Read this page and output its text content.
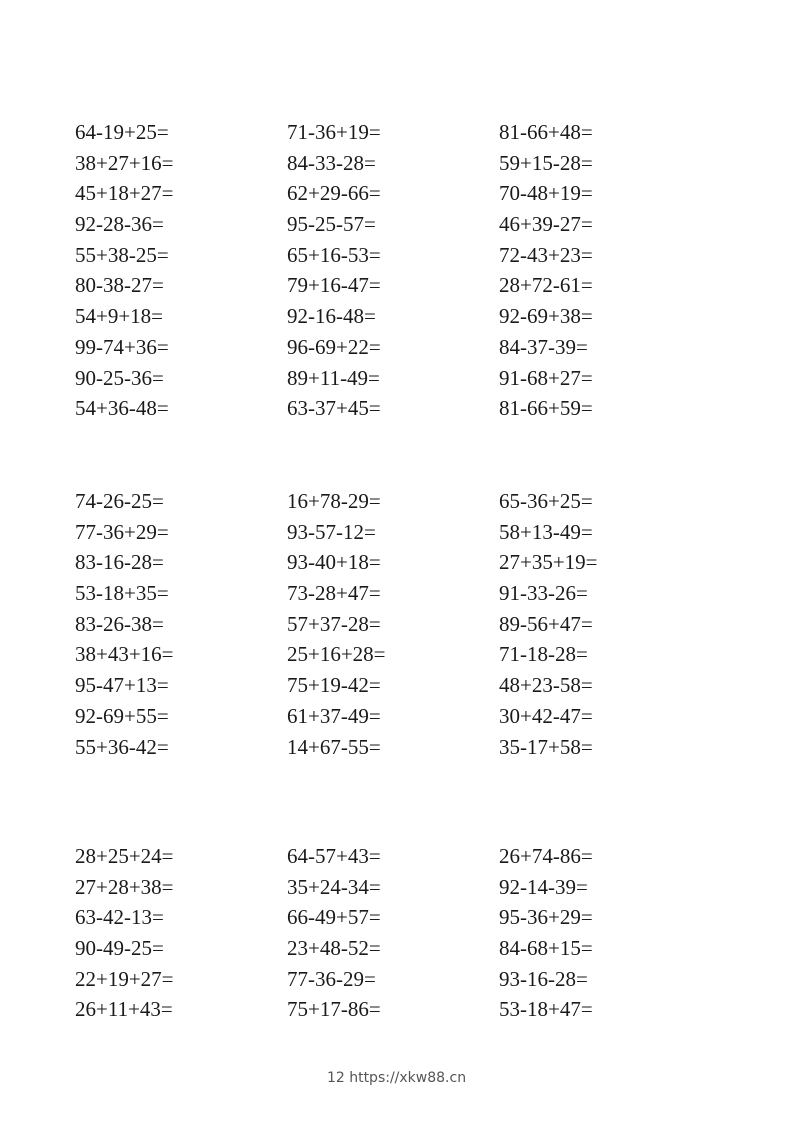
64-19+25=
38+27+16=
45+18+27=
92-28-36=
55+38-25=
80-38-27=
54+9+18=
99-74+36=
90-25-36=
54+36-48=
71-36+19=
84-33-28=
62+29-66=
95-25-57=
65+16-53=
79+16-47=
92-16-48=
96-69+22=
89+11-49=
63-37+45=
81-66+48=
59+15-28=
70-48+19=
46+39-27=
72-43+23=
28+72-61=
92-69+38=
84-37-39=
91-68+27=
81-66+59=
74-26-25=
77-36+29=
83-16-28=
53-18+35=
83-26-38=
38+43+16=
95-47+13=
92-69+55=
55+36-42=
16+78-29=
93-57-12=
93-40+18=
73-28+47=
57+37-28=
25+16+28=
75+19-42=
61+37-49=
14+67-55=
65-36+25=
58+13-49=
27+35+19=
91-33-26=
89-56+47=
71-18-28=
48+23-58=
30+42-47=
35-17+58=
28+25+24=
27+28+38=
63-42-13=
90-49-25=
22+19+27=
26+11+43=
64-57+43=
35+24-34=
66-49+57=
23+48-52=
77-36-29=
75+17-86=
26+74-86=
92-14-39=
95-36+29=
84-68+15=
93-16-28=
53-18+47=
12 https://xkw88.cn
